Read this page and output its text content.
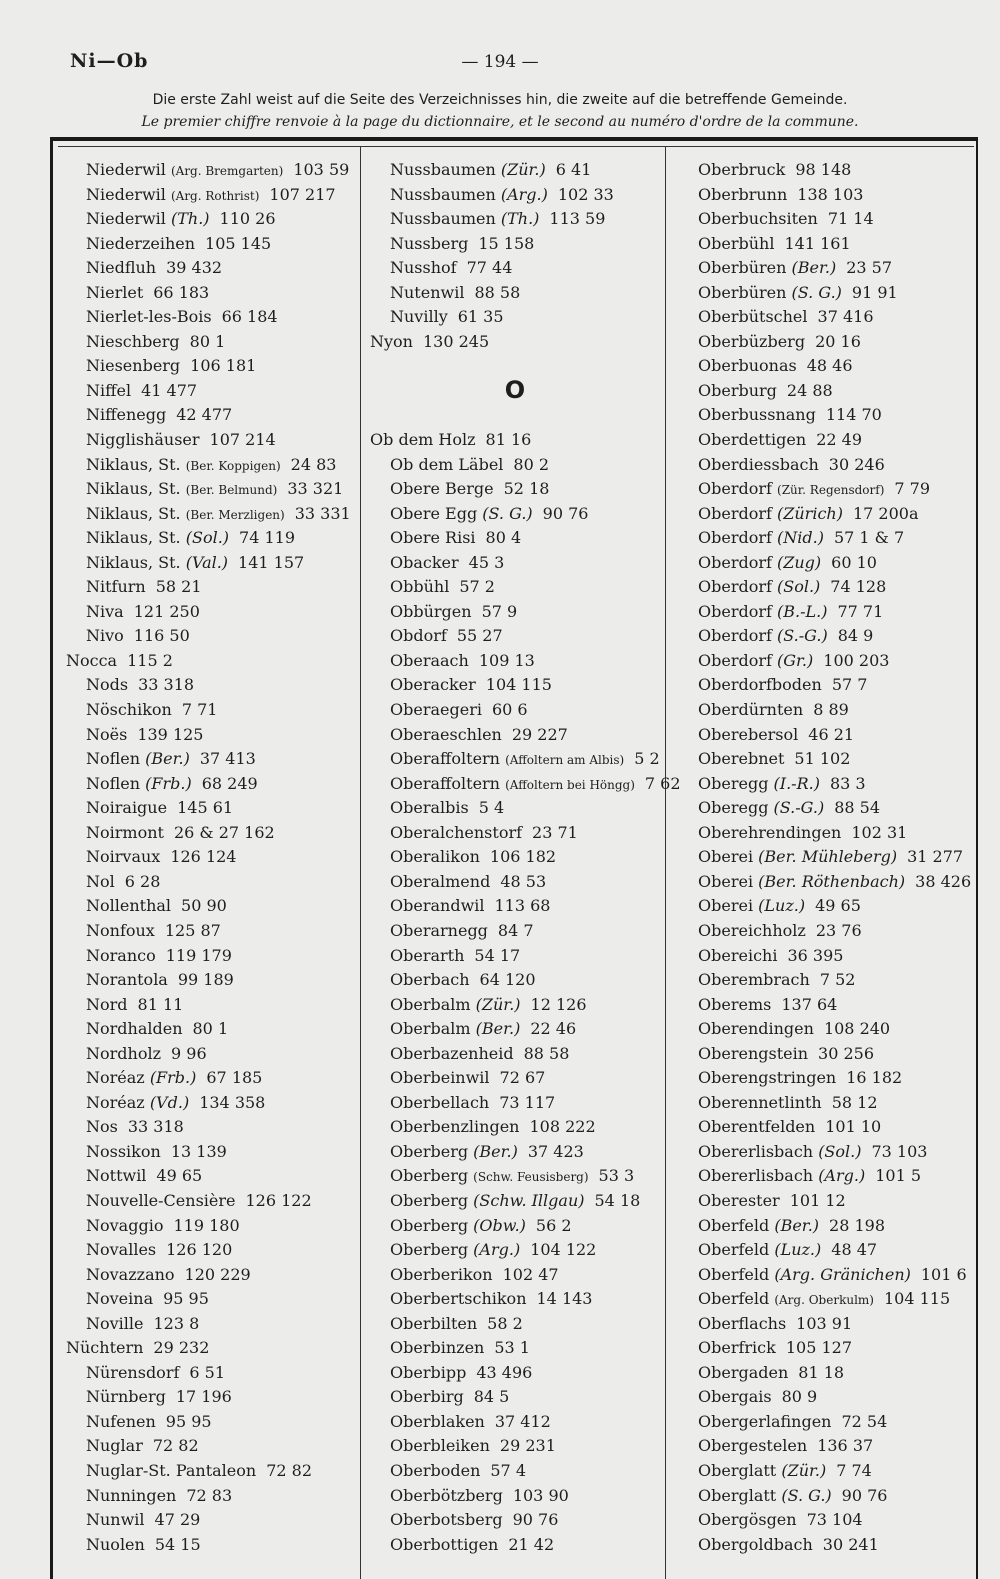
Ni—Ob	— 194 —
Die erste Zahl weist auf die Seite des Verzeichnisses hin, die zweite auf die betreffende Gemeinde.
Le premier chiffre renvoie à la page du dictionnaire, et le second au numéro d'ordre de la commune.
Niederwil (Arg. Bremgarten) 103 59
Niederwil (Arg. Rothrist) 107 217
Niederwil (Th.) 110 26
Niederzeihen 105 145
Niedfluh 39 432
Nierlet 66 183
Nierlet-les-Bois 66 184
Nieschberg 80 1
Niesenberg 106 181
Niffel 41 477
Niffenegg 42 477
Nigglishäuser 107 214
Niklaus, St. (Ber. Koppigen) 24 83
Niklaus, St. (Ber. Belmund) 33 321
Niklaus, St. (Ber. Merzligen) 33 331
Niklaus, St. (Sol.) 74 119
Niklaus, St. (Val.) 141 157
Nitfurn 58 21
Niva 121 250
Nivo 116 50
Nocca 115 2
Nods 33 318
Nöschikon 7 71
Noës 139 125
Noflen (Ber.) 37 413
Noflen (Frb.) 68 249
Noiraigue 145 61
Noirmont 26 & 27 162
Noirvaux 126 124
Nol 6 28
Nollenthal 50 90
Nonfoux 125 87
Noranco 119 179
Norantola 99 189
Nord 81 11
Nordhalden 80 1
Nordholz 9 96
Noréaz (Frb.) 67 185
Noréaz (Vd.) 134 358
Nos 33 318
Nossikon 13 139
Nottwil 49 65
Nouvelle-Censière 126 122
Novaggio 119 180
Novalles 126 120
Novazzano 120 229
Noveina 95 95
Noville 123 8
Nüchtern 29 232
Nürensdorf 6 51
Nürnberg 17 196
Nufenen 95 95
Nuglar 72 82
Nuglar-St. Pantaleon 72 82
Nunningen 72 83
Nunwil 47 29
Nuolen 54 15
Nussbaumen (Zür.) 6 41
Nussbaumen (Arg.) 102 33
Nussbaumen (Th.) 113 59
Nussberg 15 158
Nusshof 77 44
Nutenwil 88 58
Nuvilly 61 35
Nyon 130 245
O
Ob dem Holz 81 16
Ob dem Läbel 80 2
Obere Berge 52 18
Obere Egg (S. G.) 90 76
Obere Risi 80 4
Obacker 45 3
Obbühl 57 2
Obbürgen 57 9
Obdorf 55 27
Oberaach 109 13
Oberacker 104 115
Oberaegeri 60 6
Oberaeschlen 29 227
Oberaffoltern (Affoltern am Albis) 5 2
Oberaffoltern (Affoltern bei Höngg) 7 62
Oberalbis 5 4
Oberalchenstorf 23 71
Oberalikon 106 182
Oberalmend 48 53
Oberandwil 113 68
Oberarnegg 84 7
Oberarth 54 17
Oberbach 64 120
Oberbalm (Zür.) 12 126
Oberbalm (Ber.) 22 46
Oberbazenheid 88 58
Oberbeinwil 72 67
Oberbellach 73 117
Oberbenzlingen 108 222
Oberberg (Ber.) 37 423
Oberberg (Schw. Feusisberg) 53 3
Oberberg (Schw. Illgau) 54 18
Oberberg (Obw.) 56 2
Oberberg (Arg.) 104 122
Oberberikon 102 47
Oberbertschikon 14 143
Oberbilten 58 2
Oberbinzen 53 1
Oberbipp 43 496
Oberbirg 84 5
Oberblaken 37 412
Oberbleiken 29 231
Oberboden 57 4
Oberbötzberg 103 90
Oberbotsberg 90 76
Oberbottigen 21 42
Oberbruck 98 148
Oberbrunn 138 103
Oberbuchsiten 71 14
Oberbühl 141 161
Oberbüren (Ber.) 23 57
Oberbüren (S. G.) 91 91
Oberbütschel 37 416
Oberbüzberg 20 16
Oberbuonas 48 46
Oberburg 24 88
Oberbussnang 114 70
Oberdettigen 22 49
Oberdiessbach 30 246
Oberdorf (Zür. Regensdorf) 7 79
Oberdorf (Zürich) 17 200a
Oberdorf (Nid.) 57 1 & 7
Oberdorf (Zug) 60 10
Oberdorf (Sol.) 74 128
Oberdorf (B.-L.) 77 71
Oberdorf (S.-G.) 84 9
Oberdorf (Gr.) 100 203
Oberdorfboden 57 7
Oberdürnten 8 89
Oberebersol 46 21
Oberebnet 51 102
Oberegg (I.-R.) 83 3
Oberegg (S.-G.) 88 54
Oberehrendingen 102 31
Oberei (Ber. Mühleberg) 31 277
Oberei (Ber. Röthenbach) 38 426
Oberei (Luz.) 49 65
Obereichholz 23 76
Obereichi 36 395
Oberembrach 7 52
Oberems 137 64
Oberendingen 108 240
Oberengstein 30 256
Oberengstringen 16 182
Oberennetlinth 58 12
Oberentfelden 101 10
Obererlisbach (Sol.) 73 103
Obererlisbach (Arg.) 101 5
Oberester 101 12
Oberfeld (Ber.) 28 198
Oberfeld (Luz.) 48 47
Oberfeld (Arg. Gränichen) 101 6
Oberfeld (Arg. Oberkulm) 104 115
Oberflachs 103 91
Oberfrick 105 127
Obergaden 81 18
Obergais 80 9
Obergerlafingen 72 54
Obergestelen 136 37
Oberglatt (Zür.) 7 74
Oberglatt (S. G.) 90 76
Obergösgen 73 104
Obergoldbach 30 241
